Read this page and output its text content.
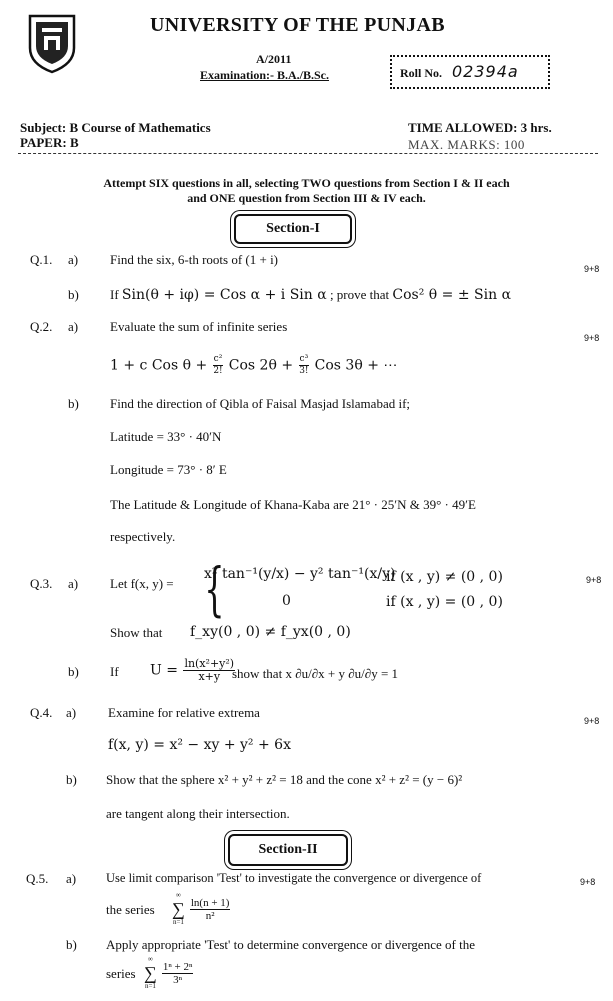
UNIVERSITY OF THE PUNJAB
A/2011
Examination:- B.A./B.Sc.	Roll No. 02394a
Subject: B Course of Mathematics
PAPER: B
TIME ALLOWED: 3 hrs.
MAX. MARKS: 100
Attempt SIX questions in all, selecting TWO questions from Section I & II each
and ONE question from Section III & IV each.
Section-I
Q.1. a) Find the six, 6-th roots of (1 + i)
9+8
b) If Sin(θ + iφ) = Cos α + i Sin α ; prove that Cos² θ = ± Sin α
Q.2. a) Evaluate the sum of infinite series
9+8
1 + c Cos $\theta + \frac{\text{c²}}{2!}$ Cos $2\theta + \frac{\text{c³}}{3!}$ Cos 3θ + ⋯
b) Find the direction of Qibla of Faisal Masjad Islamabad if;
Latitude = 33° · 40′N
Longitude = 73° · 8′ E
The Latitude & Longitude of Khana-Kaba are 21° · 25′N & 39° · 49′E
respectively.
Q.3. a) Let f(x, y) = {
x² tan⁻¹(y/x) − y² tan⁻¹(x/y)
if (x , y) ≠ (0 , 0)
0	if (x , y) = (0 , 0)
9+8
Show that f_xy(0 , 0) ≠ f_yx(0 , 0)
b) If $U = \frac{\text{ln(x²+y²)}}{x+y}$
show that x ∂u/∂x + y ∂u/∂y = 1
Q.4. a) Examine for relative extrema
9+8
f(x, y) = x² − xy + y² + 6x
b) Show that the sphere x² + y² + z² = 18 and the cone x² + z² = (y − 6)²
are tangent along their intersection.
Section-II
Q.5. a) Use limit comparison 'Test' to investigate the convergence or divergence of	9+8
the series
∞
∑
n=1

$\frac{\ln(n + 1)}{\text{n²}}$
b) Apply appropriate 'Test' to determine convergence or divergence of the
series
∞
∑
n=1

$\frac{\text{1ⁿ + 2ⁿ}}{\text{3ⁿ}}$
